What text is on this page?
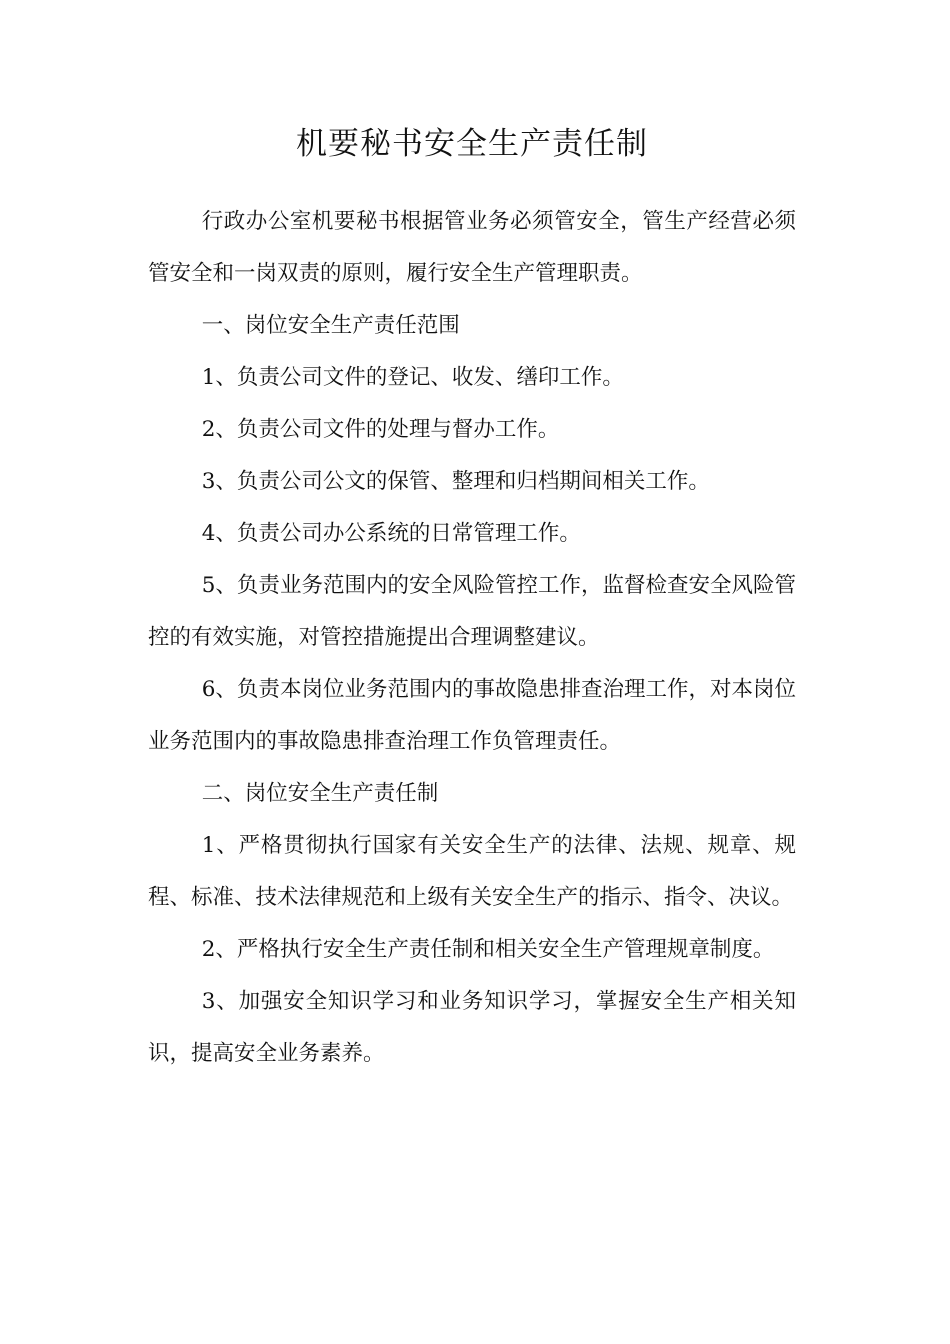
机要秘书安全生产责任制

行政办公室机要秘书根据管业务必须管安全，管生产经营必须管安全和一岗双责的原则，履行安全生产管理职责。

一、岗位安全生产责任范围

1、负责公司文件的登记、收发、缮印工作。

2、负责公司文件的处理与督办工作。

3、负责公司公文的保管、整理和归档期间相关工作。

4、负责公司办公系统的日常管理工作。

5、负责业务范围内的安全风险管控工作，监督检查安全风险管控的有效实施，对管控措施提出合理调整建议。

6、负责本岗位业务范围内的事故隐患排查治理工作，对本岗位业务范围内的事故隐患排查治理工作负管理责任。

二、岗位安全生产责任制

1、严格贯彻执行国家有关安全生产的法律、法规、规章、规程、标准、技术法律规范和上级有关安全生产的指示、指令、决议。

2、严格执行安全生产责任制和相关安全生产管理规章制度。

3、加强安全知识学习和业务知识学习，掌握安全生产相关知识，提高安全业务素养。
